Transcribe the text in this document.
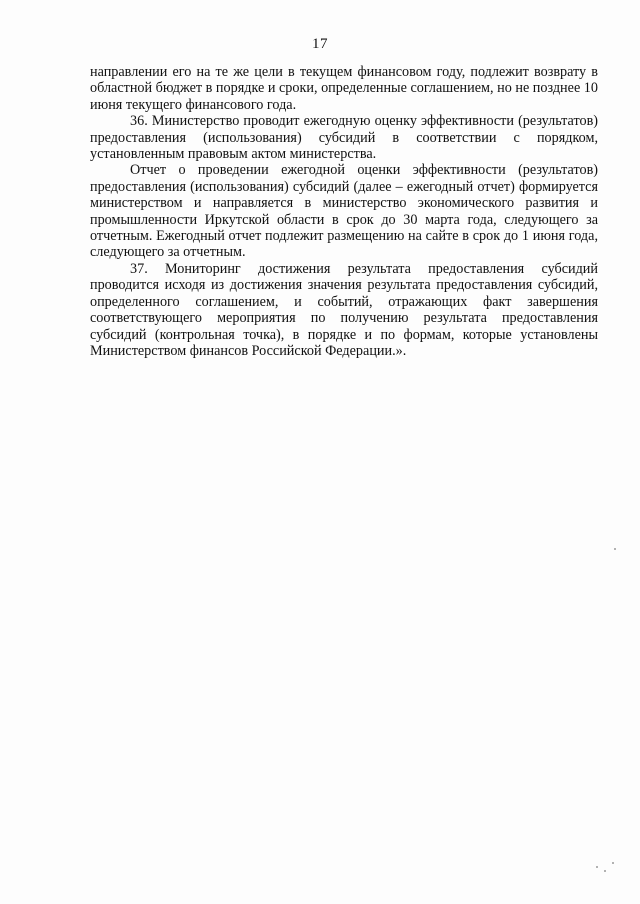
17

направлении его на те же цели в текущем финансовом году, подлежит возврату в областной бюджет в порядке и сроки, определенные соглашением, но не позднее 10 июня текущего финансового года.

36. Министерство проводит ежегодную оценку эффективности (результатов) предоставления (использования) субсидий в соответствии с порядком, установленным правовым актом министерства.

Отчет о проведении ежегодной оценки эффективности (результатов) предоставления (использования) субсидий (далее – ежегодный отчет) формируется министерством и направляется в министерство экономического развития и промышленности Иркутской области в срок до 30 марта года, следующего за отчетным. Ежегодный отчет подлежит размещению на сайте в срок до 1 июня года, следующего за отчетным.

37. Мониторинг достижения результата предоставления субсидий проводится исходя из достижения значения результата предоставления субсидий, определенного соглашением, и событий, отражающих факт завершения соответствующего мероприятия по получению результата предоставления субсидий (контрольная точка), в порядке и по формам, которые установлены Министерством финансов Российской Федерации.».
